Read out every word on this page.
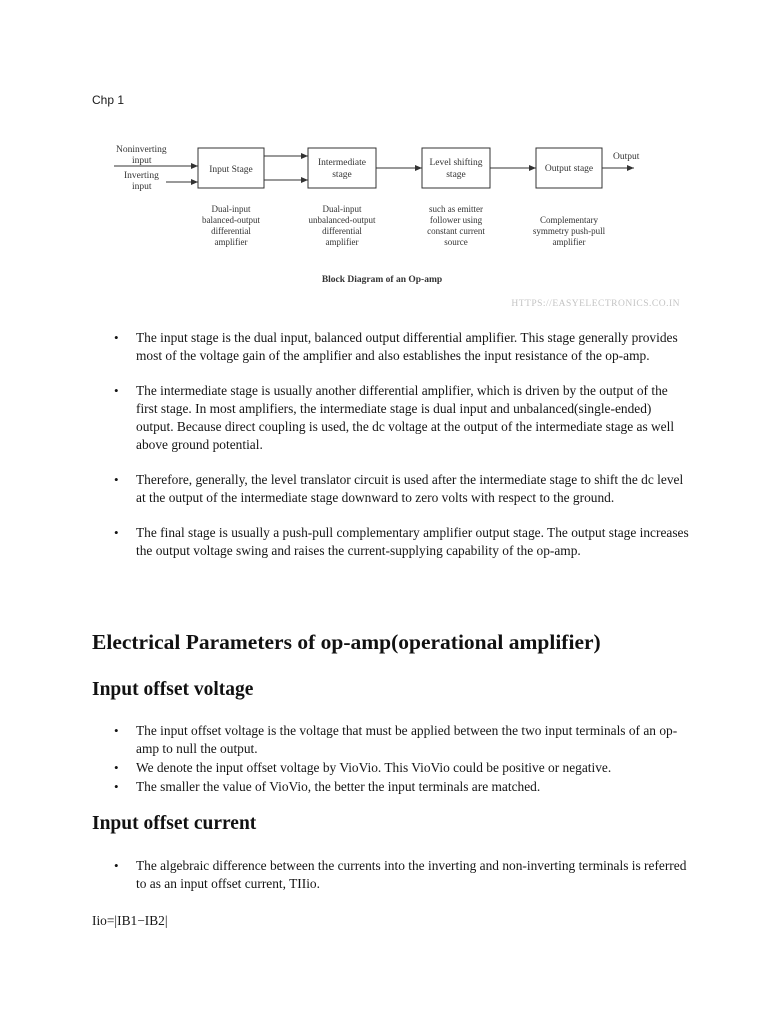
Chp 1
Noninverting
input
Inverting
input
Input Stage
Intermediate
stage
Level shifting
stage
Output stage
Output
Dual-input
balanced-output
differential
amplifier
Dual-input
unbalanced-output
differential
amplifier
such as emitter
follower using
constant current
source
Complementary
symmetry push-pull
amplifier
Block Diagram of an Op-amp
HTTPS://EASYELECTRONICS.CO.IN
• The input stage is the dual input, balanced output differential amplifier. This stage generally provides most of the voltage gain of the amplifier and also establishes the input resistance of the op-amp.
• The intermediate stage is usually another differential amplifier, which is driven by the output of the first stage. In most amplifiers, the intermediate stage is dual input and unbalanced(single-ended) output. Because direct coupling is used, the dc voltage at the output of the intermediate stage as well above ground potential.
• Therefore, generally, the level translator circuit is used after the intermediate stage to shift the dc level at the output of the intermediate stage downward to zero volts with respect to the ground.
• The final stage is usually a push-pull complementary amplifier output stage. The output stage increases the output voltage swing and raises the current-supplying capability of the op-amp.
Electrical Parameters of op-amp(operational amplifier)
Input offset voltage
• The input offset voltage is the voltage that must be applied between the two input terminals of an op-amp to null the output.
• We denote the input offset voltage by VioVio. This VioVio could be positive or negative.
• The smaller the value of VioVio, the better the input terminals are matched.
Input offset current
• The algebraic difference between the currents into the inverting and non-inverting terminals is referred to as an input offset current, TIIio.
Iio=|IB1−IB2|
